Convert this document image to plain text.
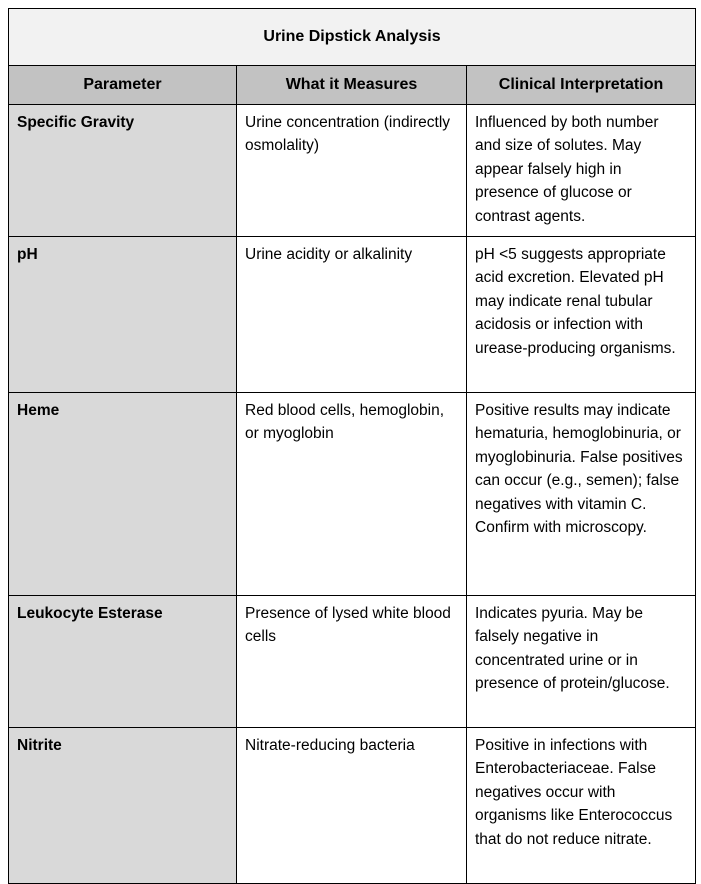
Urine Dipstick Analysis		
Parameter	What it Measures	Clinical Interpretation
Specific Gravity	Urine concentration (indirectly osmolality)	Influenced by both number and size of solutes. May appear falsely high in presence of glucose or contrast agents.
pH	Urine acidity or alkalinity	pH <5 suggests appropriate acid excretion. Elevated pH may indicate renal tubular acidosis or infection with urease-producing organisms.
Heme	Red blood cells, hemoglobin, or myoglobin	Positive results may indicate hematuria, hemoglobinuria, or myoglobinuria. False positives can occur (e.g., semen); false negatives with vitamin C. Confirm with microscopy.
Leukocyte Esterase	Presence of lysed white blood cells	Indicates pyuria. May be falsely negative in concentrated urine or in presence of protein/glucose.
Nitrite	Nitrate-reducing bacteria	Positive in infections with Enterobacteriaceae. False negatives occur with organisms like Enterococcus that do not reduce nitrate.
